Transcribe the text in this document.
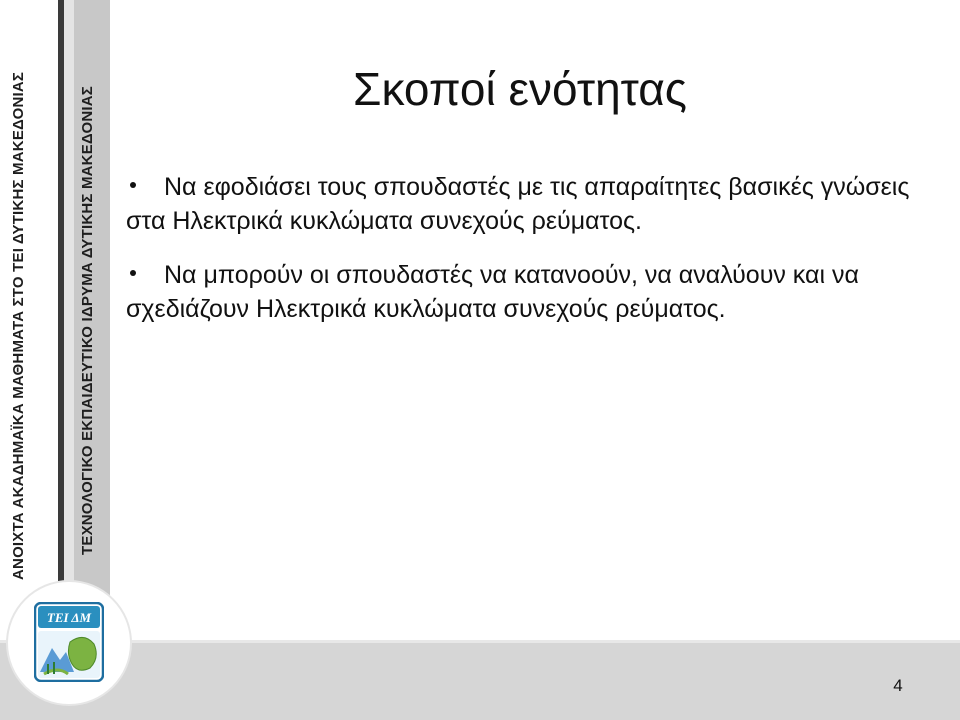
ΑΝΟΙΧΤΑ ΑΚΑΔΗΜΑΪΚΑ ΜΑΘΗΜΑΤΑ ΣΤΟ ΤΕΙ ΔΥΤΙΚΗΣ ΜΑΚΕΔΟΝΙΑΣ	ΤΕΧΝΟΛΟΓΙΚΟ ΕΚΠΑΙΔΕΥΤΙΚΟ ΙΔΡΥΜΑ ΔΥΤΙΚΗΣ ΜΑΚΕΔΟΝΙΑΣ
ΤΕΙ ΔΜ
Σκοποί ενότητας
Να εφοδιάσει τους σπουδαστές με τις απαραίτητες βασικές γνώσεις στα Ηλεκτρικά κυκλώματα συνεχούς ρεύματος.
Να μπορούν οι σπουδαστές να κατανοούν, να αναλύουν και να σχεδιάζουν Ηλεκτρικά κυκλώματα συνεχούς ρεύματος.
4
